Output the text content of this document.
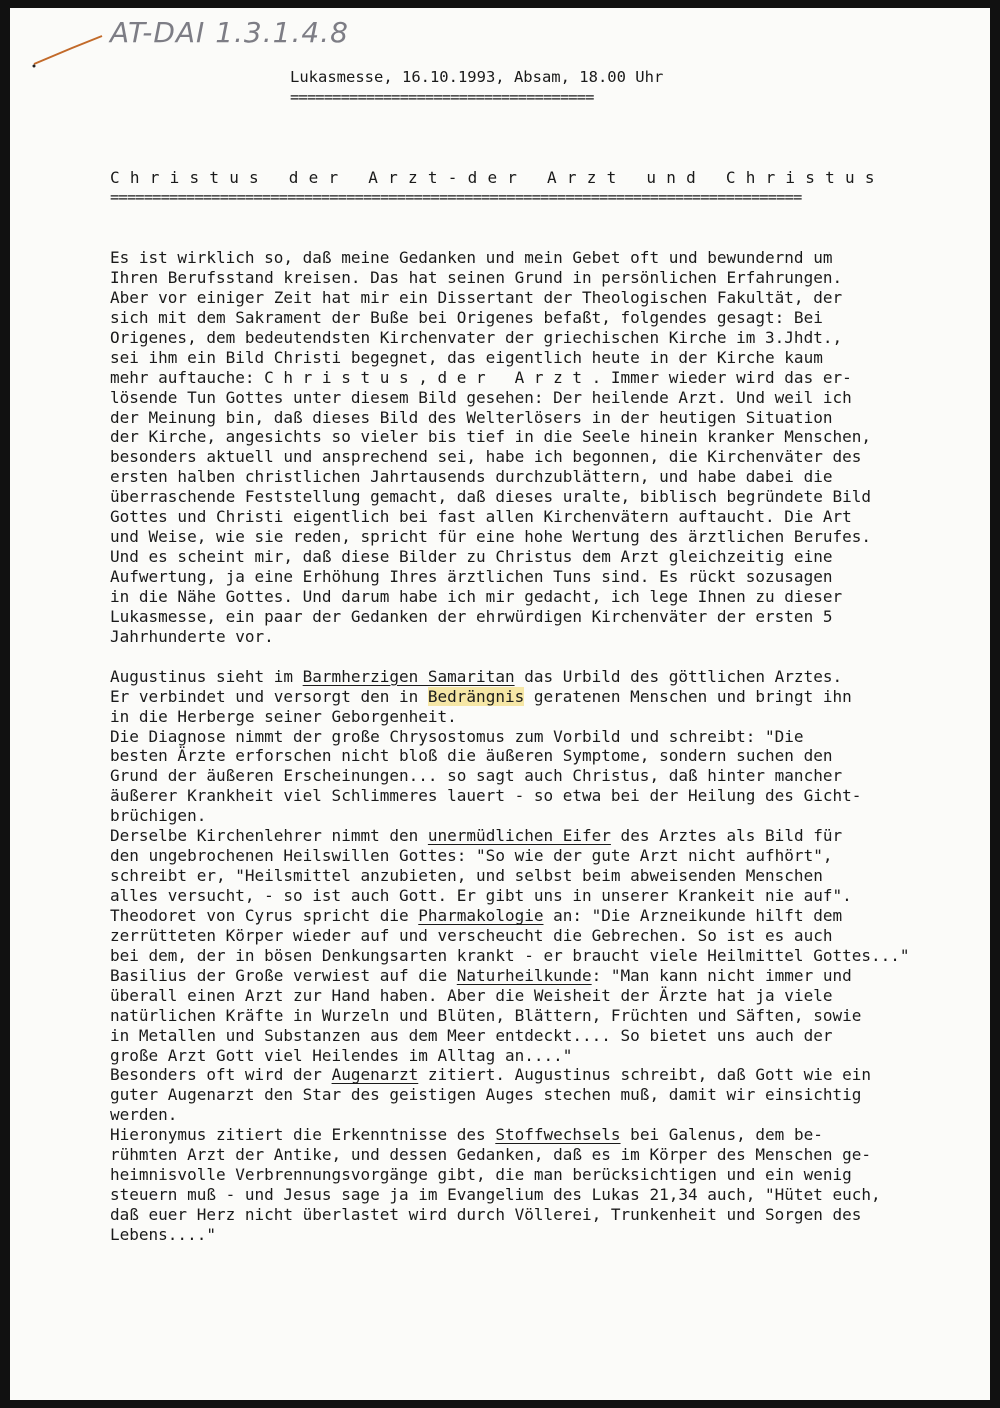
AT-DAI 1.3.1.4.8
Lukasmesse, 16.10.1993, Absam, 18.00 Uhr
====================================
C h r i s t u s   d e r   A r z t - d e r   A r z t   u n d   C h r i s t u s
==================================================================================
Es ist wirklich so, daß meine Gedanken und mein Gebet oft und bewundernd um
Ihren Berufsstand kreisen. Das hat seinen Grund in persönlichen Erfahrungen.
Aber vor einiger Zeit hat mir ein Dissertant der Theologischen Fakultät, der
sich mit dem Sakrament der Buße bei Origenes befaßt, folgendes gesagt: Bei
Origenes, dem bedeutendsten Kirchenvater der griechischen Kirche im 3.Jhdt.,
sei ihm ein Bild Christi begegnet, das eigentlich heute in der Kirche kaum
mehr auftauche: C h r i s t u s , d e r   A r z t . Immer wieder wird das er-
lösende Tun Gottes unter diesem Bild gesehen: Der heilende Arzt. Und weil ich
der Meinung bin, daß dieses Bild des Welterlösers in der heutigen Situation
der Kirche, angesichts so vieler bis tief in die Seele hinein kranker Menschen,
besonders aktuell und ansprechend sei, habe ich begonnen, die Kirchenväter des
ersten halben christlichen Jahrtausends durchzublättern, und habe dabei die
überraschende Feststellung gemacht, daß dieses uralte, biblisch begründete Bild
Gottes und Christi eigentlich bei fast allen Kirchenvätern auftaucht. Die Art
und Weise, wie sie reden, spricht für eine hohe Wertung des ärztlichen Berufes.
Und es scheint mir, daß diese Bilder zu Christus dem Arzt gleichzeitig eine
Aufwertung, ja eine Erhöhung Ihres ärztlichen Tuns sind. Es rückt sozusagen
in die Nähe Gottes. Und darum habe ich mir gedacht, ich lege Ihnen zu dieser
Lukasmesse, ein paar der Gedanken der ehrwürdigen Kirchenväter der ersten 5
Jahrhunderte vor.
Augustinus sieht im Barmherzigen Samaritan das Urbild des göttlichen Arztes.
Er verbindet und versorgt den in Bedrängnis geratenen Menschen und bringt ihn
in die Herberge seiner Geborgenheit.
Die Diagnose nimmt der große Chrysostomus zum Vorbild und schreibt: "Die
besten Ärzte erforschen nicht bloß die äußeren Symptome, sondern suchen den
Grund der äußeren Erscheinungen... so sagt auch Christus, daß hinter mancher
äußerer Krankheit viel Schlimmeres lauert - so etwa bei der Heilung des Gicht-
brüchigen.
Derselbe Kirchenlehrer nimmt den unermüdlichen Eifer des Arztes als Bild für
den ungebrochenen Heilswillen Gottes: "So wie der gute Arzt nicht aufhört",
schreibt er, "Heilsmittel anzubieten, und selbst beim abweisenden Menschen
alles versucht, - so ist auch Gott. Er gibt uns in unserer Krankeit nie auf".
Theodoret von Cyrus spricht die Pharmakologie an: "Die Arzneikunde hilft dem
zerrütteten Körper wieder auf und verscheucht die Gebrechen. So ist es auch
bei dem, der in bösen Denkungsarten krankt - er braucht viele Heilmittel Gottes..."
Basilius der Große verwiest auf die Naturheilkunde: "Man kann nicht immer und
überall einen Arzt zur Hand haben. Aber die Weisheit der Ärzte hat ja viele
natürlichen Kräfte in Wurzeln und Blüten, Blättern, Früchten und Säften, sowie
in Metallen und Substanzen aus dem Meer entdeckt.... So bietet uns auch der
große Arzt Gott viel Heilendes im Alltag an...."
Besonders oft wird der Augenarzt zitiert. Augustinus schreibt, daß Gott wie ein
guter Augenarzt den Star des geistigen Auges stechen muß, damit wir einsichtig
werden.
Hieronymus zitiert die Erkenntnisse des Stoffwechsels bei Galenus, dem be-
rühmten Arzt der Antike, und dessen Gedanken, daß es im Körper des Menschen ge-
heimnisvolle Verbrennungsvorgänge gibt, die man berücksichtigen und ein wenig
steuern muß - und Jesus sage ja im Evangelium des Lukas 21,34 auch, "Hütet euch,
daß euer Herz nicht überlastet wird durch Völlerei, Trunkenheit und Sorgen des
Lebens...."
